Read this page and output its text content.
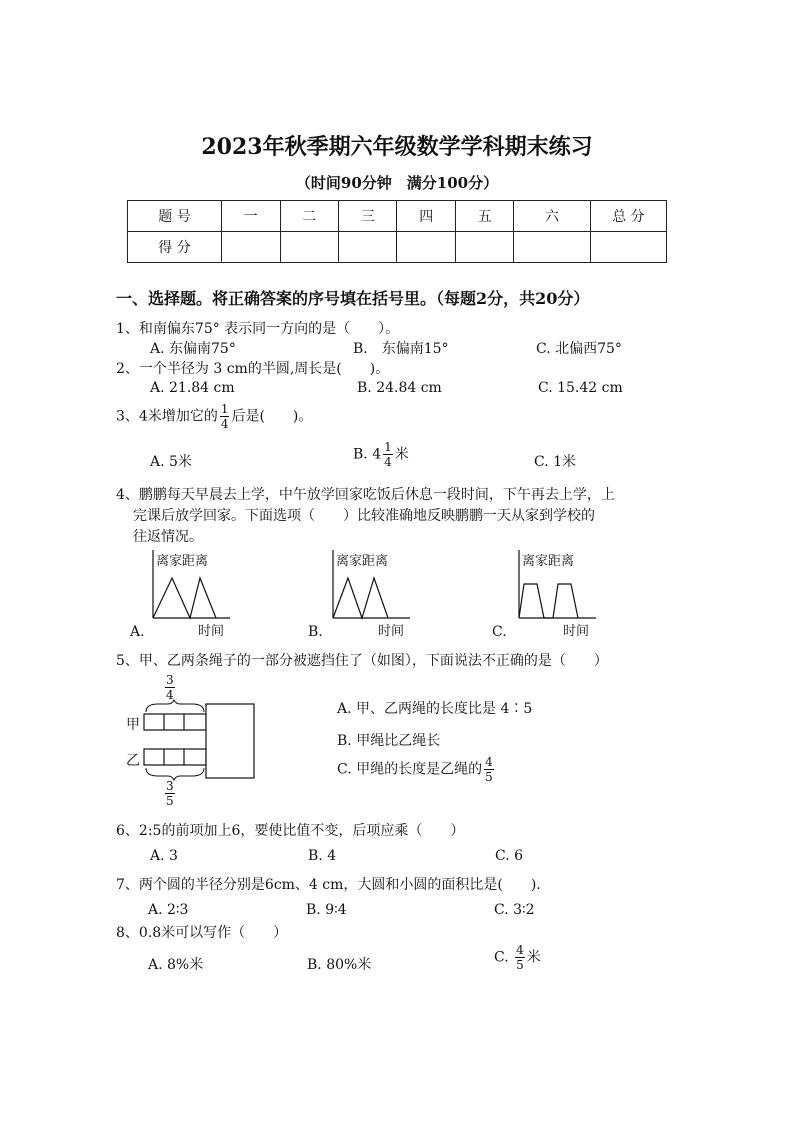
2023年秋季期六年级数学学科期末练习
（时间90分钟　满分100分）
题 号	一	二	三	四	五	六	总 分
得 分							
一、选择题。将正确答案的序号填在括号里。（每题2分，共20分）
1、和南偏东75° 表示同一方向的是（　　）。
A. 东偏南75°	B.　东偏南15°	C. 北偏西75°
2、一个半径为 3 cm的半圆,周长是(　　)。
A. 21.84 cm	B. 24.84 cm	C. 15.42 cm
3、4米增加它的 $\frac{1}{4}$ 后是(　　)。
A. 5米	B. $4 \frac{1}{4}$ 米	C. 1米
4、鹏鹏每天早晨去上学，中午放学回家吃饭后休息一段时间，下午再去上学，上
完课后放学回家。下面选项（　　）比较准确地反映鹏鹏一天从家到学校的
往返情况。
离家距离
时间
A.
离家距离
时间
B.
离家距离
时间
C.
5、甲、乙两条绳子的一部分被遮挡住了（如图），下面说法不正确的是（　　）
$\frac{3}{4}$
甲
乙
$\frac{3}{5}$
A. 甲、乙两绳的长度比是 4∶5
B. 甲绳比乙绳长
C. 甲绳的长度是乙绳的 $\frac{4}{5}$
6、2:5的前项加上6，要使比值不变，后项应乘（　　）
A. 3	B. 4	C. 6
7、两个圆的半径分别是6cm、4 cm，大圆和小圆的面积比是(　　).
A. 2∶3	B. 9∶4	C. 3∶2
8、0.8米可以写作（　　）
A. 8%米	B. 80%米	C. $\frac{4}{5}$ 米
